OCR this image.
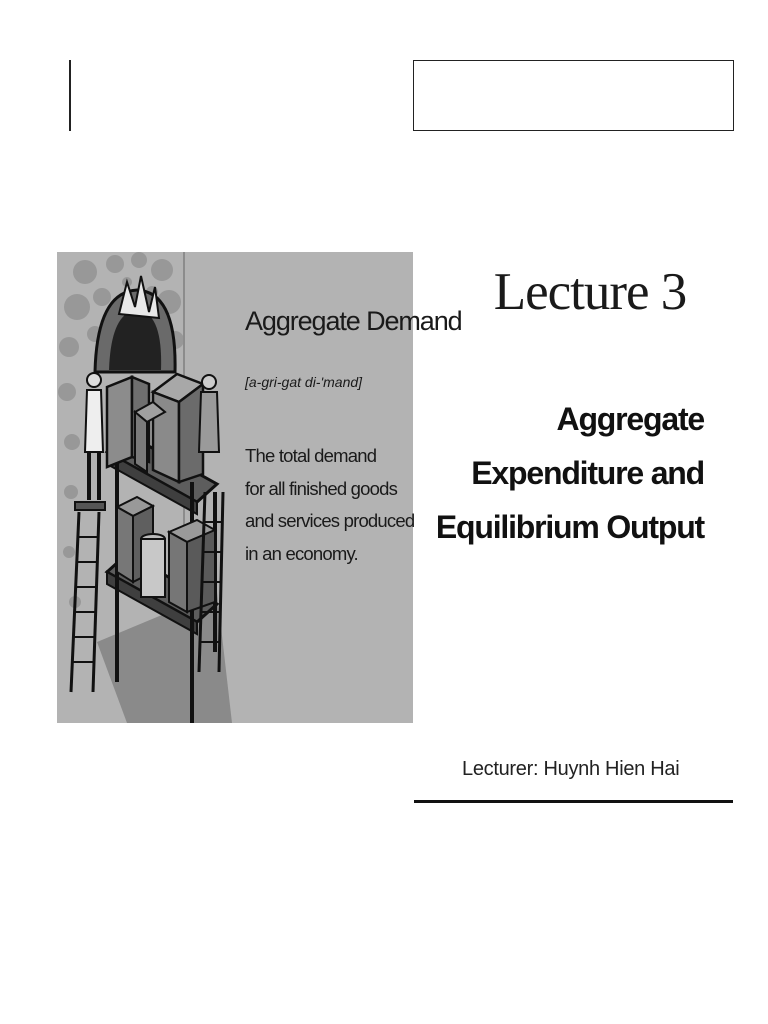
Aggregate Demand
[a-gri-gat di-'mand]
The total demand
for all finished goods
and services produced
in an economy.
Lecture 3
Aggregate
Expenditure and
Equilibrium Output
Lecturer: Huynh Hien Hai
